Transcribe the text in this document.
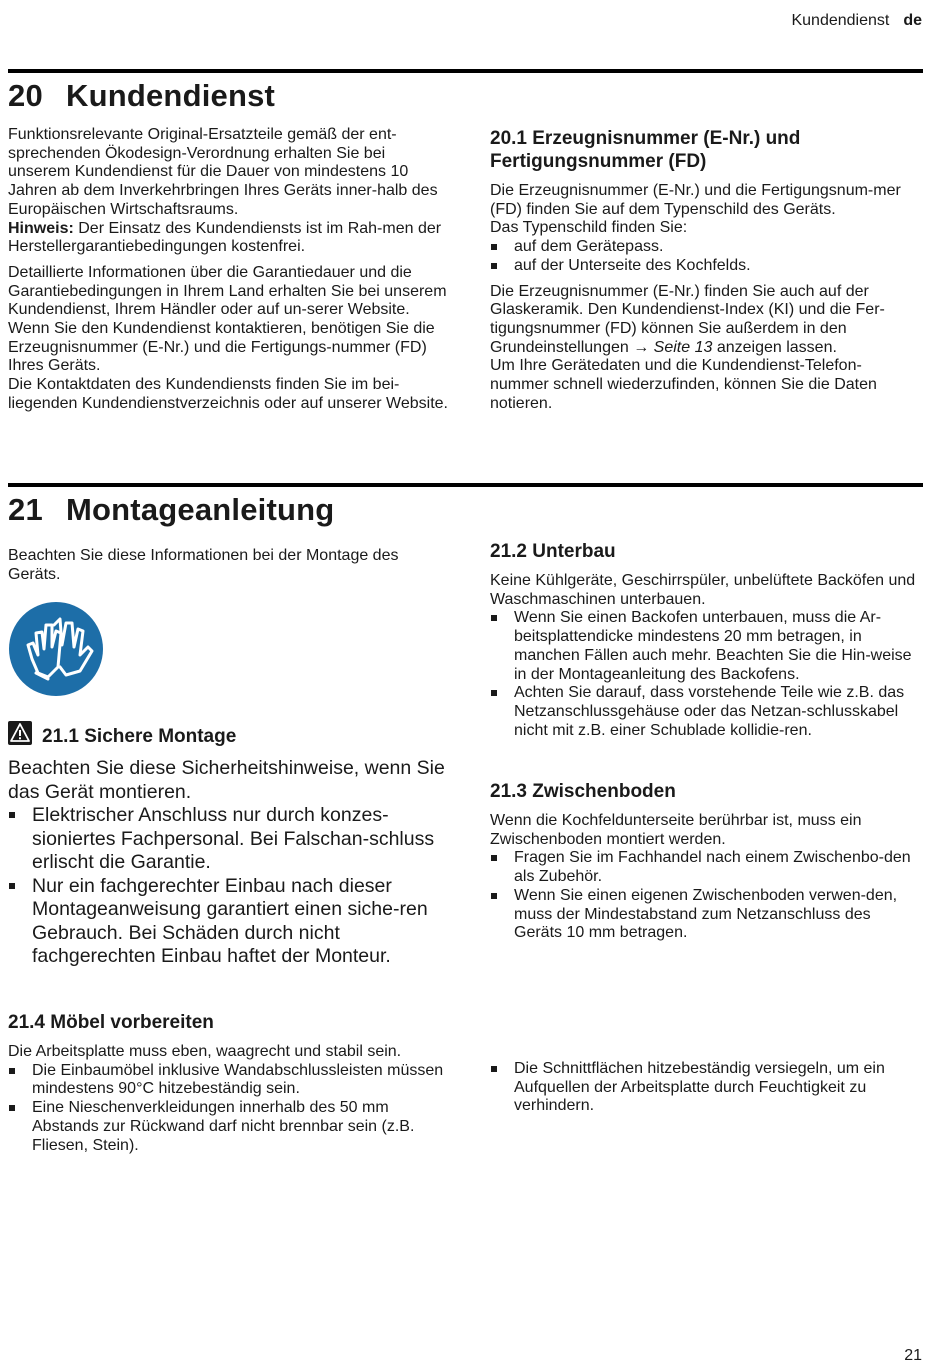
Kundendienst de
20 Kundendienst

Funktionsrelevante Original-Ersatzteile gemäß der ent-sprechenden Ökodesign-Verordnung erhalten Sie bei unserem Kundendienst für die Dauer von mindestens 10 Jahren ab dem Inverkehrbringen Ihres Geräts inner-halb des Europäischen Wirtschaftsraums.

Hinweis: Der Einsatz des Kundendiensts ist im Rah-men der Herstellergarantiebedingungen kostenfrei.

Detaillierte Informationen über die Garantiedauer und die Garantiebedingungen in Ihrem Land erhalten Sie bei unserem Kundendienst, Ihrem Händler oder auf un-serer Website.

Wenn Sie den Kundendienst kontaktieren, benötigen Sie die Erzeugnisnummer (E-Nr.) und die Fertigungs-nummer (FD) Ihres Geräts.

Die Kontaktdaten des Kundendiensts finden Sie im bei-liegenden Kundendienstverzeichnis oder auf unserer Website.

20.1 Erzeugnisnummer (E-Nr.) und Fertigungsnummer (FD)

Die Erzeugnisnummer (E-Nr.) und die Fertigungsnum-mer (FD) finden Sie auf dem Typenschild des Geräts.

Das Typenschild finden Sie:

auf dem Gerätepass.
auf der Unterseite des Kochfelds.

Die Erzeugnisnummer (E-Nr.) finden Sie auch auf der Glaskeramik. Den Kundendienst-Index (KI) und die Fer-tigungsnummer (FD) können Sie außerdem in den Grundeinstellungen → Seite 13 anzeigen lassen.

Um Ihre Gerätedaten und die Kundendienst-Telefon-nummer schnell wiederzufinden, können Sie die Daten notieren.

21 Montageanleitung
Beachten Sie diese Informationen bei der Montage des Geräts.
21.1 Sichere Montage
Beachten Sie diese Sicherheitshinweise, wenn Sie das Gerät montieren.
Elektrischer Anschluss nur durch konzes-sioniertes Fachpersonal. Bei Falschan-schluss erlischt die Garantie.
Nur ein fachgerechter Einbau nach dieser Montageanweisung garantiert einen siche-ren Gebrauch. Bei Schäden durch nicht fachgerechten Einbau haftet der Monteur.
21.2 Unterbau

Keine Kühlgeräte, Geschirrspüler, unbelüftete Backöfen und Waschmaschinen unterbauen.

Wenn Sie einen Backofen unterbauen, muss die Ar-beitsplattendicke mindestens 20 mm betragen, in manchen Fällen auch mehr. Beachten Sie die Hin-weise in der Montageanleitung des Backofens.
Achten Sie darauf, dass vorstehende Teile wie z.B. das Netzanschlussgehäuse oder das Netzan-schlusskabel nicht mit z.B. einer Schublade kollidie-ren.
21.3 Zwischenboden

Wenn die Kochfeldunterseite berührbar ist, muss ein Zwischenboden montiert werden.

Fragen Sie im Fachhandel nach einem Zwischenbo-den als Zubehör.
Wenn Sie einen eigenen Zwischenboden verwen-den, muss der Mindestabstand zum Netzanschluss des Geräts 10 mm betragen.
21.4 Möbel vorbereiten

Die Arbeitsplatte muss eben, waagrecht und stabil sein.

Die Einbaumöbel inklusive Wandabschlussleisten müssen mindestens 90°C hitzebeständig sein.
Eine Nieschenverkleidungen innerhalb des 50 mm Abstands zur Rückwand darf nicht brennbar sein (z.B. Fliesen, Stein).
Die Schnittflächen hitzebeständig versiegeln, um ein Aufquellen der Arbeitsplatte durch Feuchtigkeit zu verhindern.
21
